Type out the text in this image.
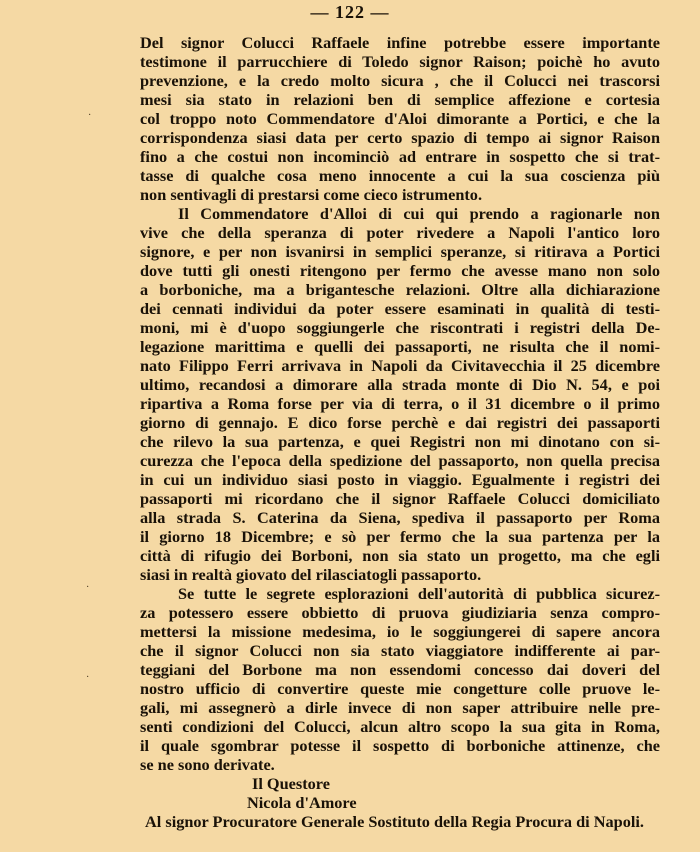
— 122 —
Del signor Colucci Raffaele infine potrebbe essere importante
testimone il parrucchiere di Toledo signor Raison; poichè ho avuto
prevenzione, e la credo molto sicura , che il Colucci nei trascorsi
mesi sia stato in relazioni ben di semplice affezione e cortesia
col troppo noto Commendatore d'Aloi dimorante a Portici, e che la
corrispondenza siasi data per certo spazio di tempo ai signor Raison
fino a che costui non incominciò ad entrare in sospetto che si trat-
tasse di qualche cosa meno innocente a cui la sua coscienza più
non sentivagli di prestarsi come cieco istrumento.
Il Commendatore d'Alloi di cui qui prendo a ragionarle non
vive che della speranza di poter rivedere a Napoli l'antico loro
signore, e per non isvanirsi in semplici speranze, si ritirava a Portici
dove tutti gli onesti ritengono per fermo che avesse mano non solo
a borboniche, ma a brigantesche relazioni. Oltre alla dichiarazione
dei cennati individui da poter essere esaminati in qualità di testi-
moni, mi è d'uopo soggiungerle che riscontrati i registri della De-
legazione marittima e quelli dei passaporti, ne risulta che il nomi-
nato Filippo Ferri arrivava in Napoli da Civitavecchia il 25 dicembre
ultimo, recandosi a dimorare alla strada monte di Dio N. 54, e poi
ripartiva a Roma forse per via di terra, o il 31 dicembre o il primo
giorno di gennajo. E dico forse perchè e dai registri dei passaporti
che rilevo la sua partenza, e quei Registri non mi dinotano con si-
curezza che l'epoca della spedizione del passaporto, non quella precisa
in cui un individuo siasi posto in viaggio. Egualmente i registri dei
passaporti mi ricordano che il signor Raffaele Colucci domiciliato
alla strada S. Caterina da Siena, spediva il passaporto per Roma
il giorno 18 Dicembre; e sò per fermo che la sua partenza per la
città di rifugio dei Borboni, non sia stato un progetto, ma che egli
siasi in realtà giovato del rilasciatogli passaporto.
Se tutte le segrete esplorazioni dell'autorità di pubblica sicurez-
za potessero essere obbietto di pruova giudiziaria senza compro-
mettersi la missione medesima, io le soggiungerei di sapere ancora
che il signor Colucci non sia stato viaggiatore indifferente ai par-
teggiani del Borbone ma non essendomi concesso dai doveri del
nostro ufficio di convertire queste mie congetture colle pruove le-
gali, mi assegnerò a dirle invece di non saper attribuire nelle pre-
senti condizioni del Colucci, alcun altro scopo la sua gita in Roma,
il quale sgombrar potesse il sospetto di borboniche attinenze, che
se ne sono derivate.
Il Questore
Nicola d'Amore
Al signor Procuratore Generale Sostituto della Regia Procura di Napoli.
·
·
·
